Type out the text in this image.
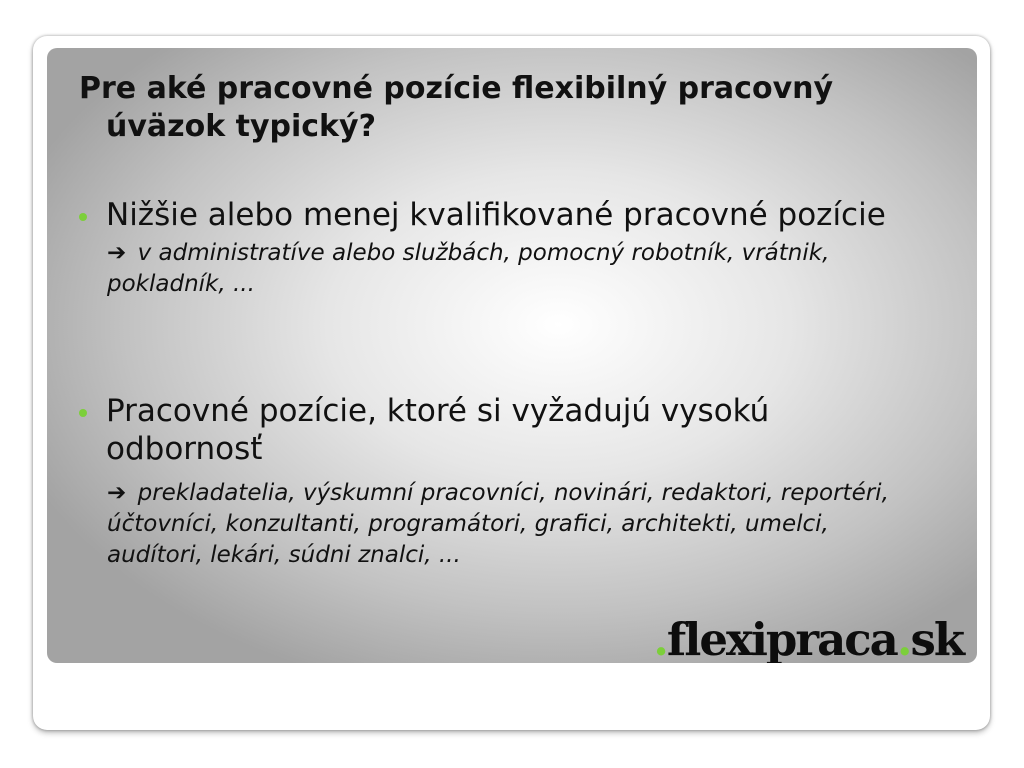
Pre aké pracovné pozície flexibilný pracovný úväzok typický?
Nižšie alebo menej kvalifikované pracovné pozície
➔ v administratíve alebo službách, pomocný robotník, vrátnik, pokladník, ...
Pracovné pozície, ktoré si vyžadujú vysokú odbornosť
➔ prekladatelia, výskumní pracovníci, novinári, redaktori, reportéri, účtovníci, konzultanti, programátori, grafici, architekti, umelci, audítori, lekári, súdni znalci, ...
.flexipraca.sk
